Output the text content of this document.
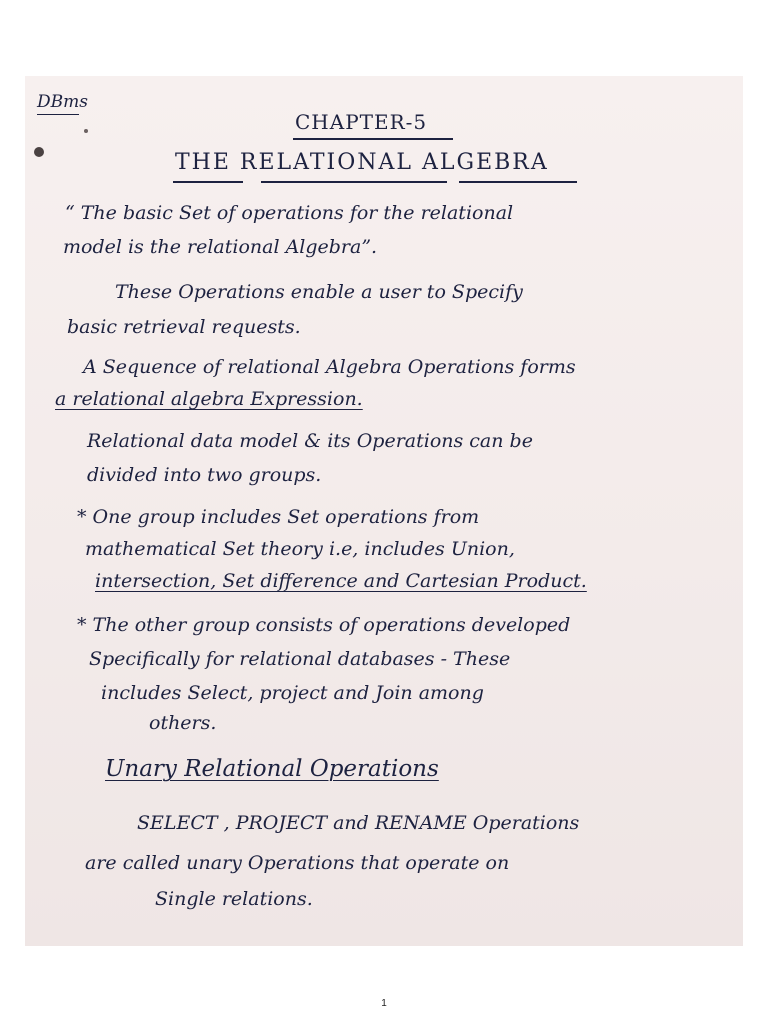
DBms
CHAPTER-5
THE RELATIONAL ALGEBRA
“ The basic Set of operations for the relational
model is the relational Algebra”.
These Operations enable a user to Specify
basic retrieval requests.
A Sequence of relational Algebra Operations forms
a relational algebra Expression.
Relational data model & its Operations can be
divided into two groups.
* One group includes Set operations from
mathematical Set theory i.e, includes Union,
intersection, Set difference and Cartesian Product.
* The other group consists of operations developed
Specifically for relational databases - These
includes Select, project and Join among
others.
Unary Relational Operations
SELECT , PROJECT and RENAME Operations
are called unary Operations that operate on
Single relations.
1
